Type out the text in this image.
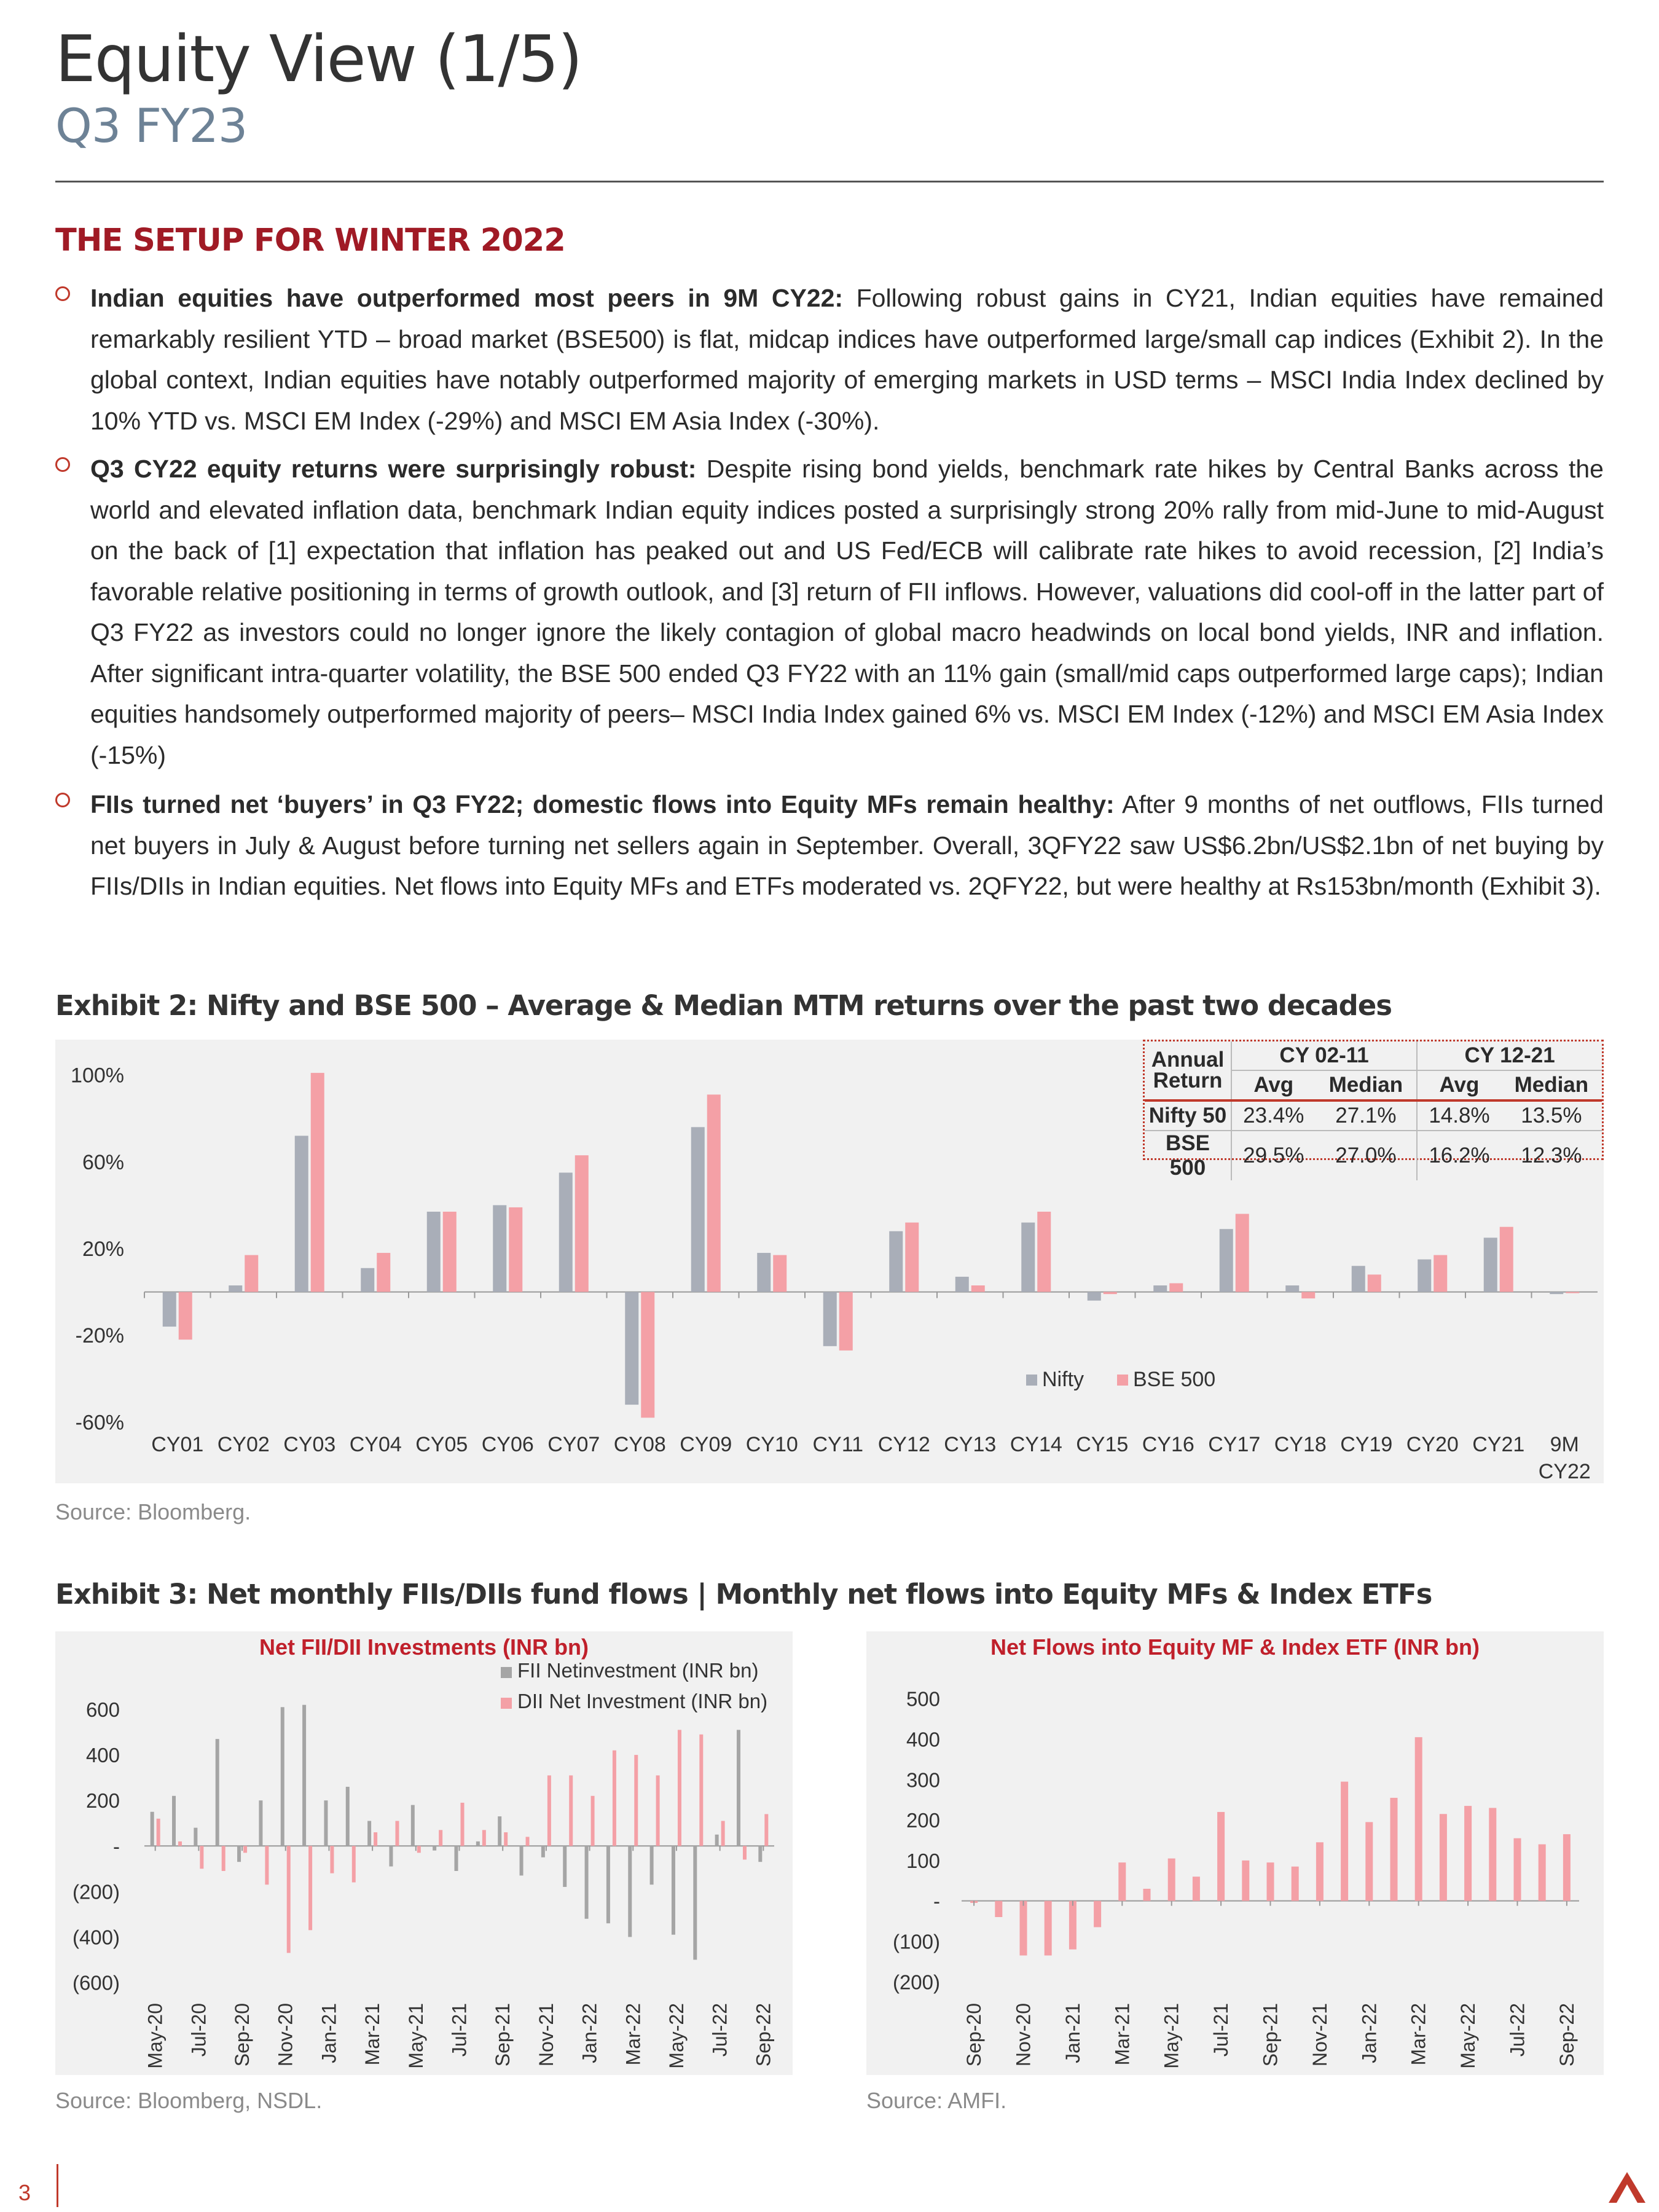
Equity View (1/5)
Q3 FY23
THE SETUP FOR WINTER 2022
Indian equities have outperformed most peers in 9M CY22: Following robust gains in CY21, Indian equities have remained remarkably resilient YTD – broad market (BSE500) is flat, midcap indices have outperformed large/small cap indices (Exhibit 2). In the global context, Indian equities have notably outperformed majority of emerging markets in USD terms – MSCI India Index declined by 10% YTD vs. MSCI EM Index (-29%) and MSCI EM Asia Index (-30%).
Q3 CY22 equity returns were surprisingly robust: Despite rising bond yields, benchmark rate hikes by Central Banks across the world and elevated inflation data, benchmark Indian equity indices posted a surprisingly strong 20% rally from mid-June to mid-August on the back of [1] expectation that inflation has peaked out and US Fed/ECB will calibrate rate hikes to avoid recession, [2] India’s favorable relative positioning in terms of growth outlook, and [3] return of FII inflows. However, valuations did cool-off in the latter part of Q3 FY22 as investors could no longer ignore the likely contagion of global macro headwinds on local bond yields, INR and inflation. After significant intra-quarter volatility, the BSE 500 ended Q3 FY22 with an 11% gain (small/mid caps outperformed large caps); Indian equities handsomely outperformed majority of peers– MSCI India Index gained 6% vs. MSCI EM Index (-12%) and MSCI EM Asia Index (-15%)
FIIs turned net ‘buyers’ in Q3 FY22; domestic flows into Equity MFs remain healthy: After 9 months of net outflows, FIIs turned net buyers in July & August before turning net sellers again in September. Overall, 3QFY22 saw US$6.2bn/US$2.1bn of net buying by FIIs/DIIs in Indian equities. Net flows into Equity MFs and ETFs moderated vs. 2QFY22, but were healthy at Rs153bn/month (Exhibit 3).
Exhibit 2: Nifty and BSE 500 – Average & Median MTM returns over the past two decades
-60%
-20%
20%
60%
100%
CY01 CY02 CY03 CY04 CY05 CY06 CY07 CY08 CY09 CY10 CY11 CY12 CY13 CY14 CY15 CY16 CY17 CY18 CY19 CY20 CY21 9M
CY22
Nifty BSE 500
Annual
Return	CY 02-11		CY 12-21	
	Avg	Median	Avg	Median
Nifty 50	23.4%	27.1%	14.8%	13.5%
BSE 500	29.5%	27.0%	16.2%	12.3%
Source: Bloomberg.
Exhibit 3: Net monthly FIIs/DIIs fund flows | Monthly net flows into Equity MFs & Index ETFs
Net FII/DII Investments (INR bn)
(600)
(400)
(200)
-
200
400
600
May-20 Jul-20 Sep-20 Nov-20 Jan-21 Mar-21 May-21 Jul-21 Sep-21 Nov-21 Jan-22 Mar-22 May-22 Jul-22 Sep-22
FII Netinvestment (INR bn)
DII Net Investment (INR bn)
Net Flows into Equity MF & Index ETF (INR bn)
(200)
(100)
-
100
200
300
400
500
Sep-20 Nov-20 Jan-21 Mar-21 May-21 Jul-21 Sep-21 Nov-21 Jan-22 Mar-22 May-22 Jul-22 Sep-22
Source: Bloomberg, NSDL.	Source: AMFI.
3
